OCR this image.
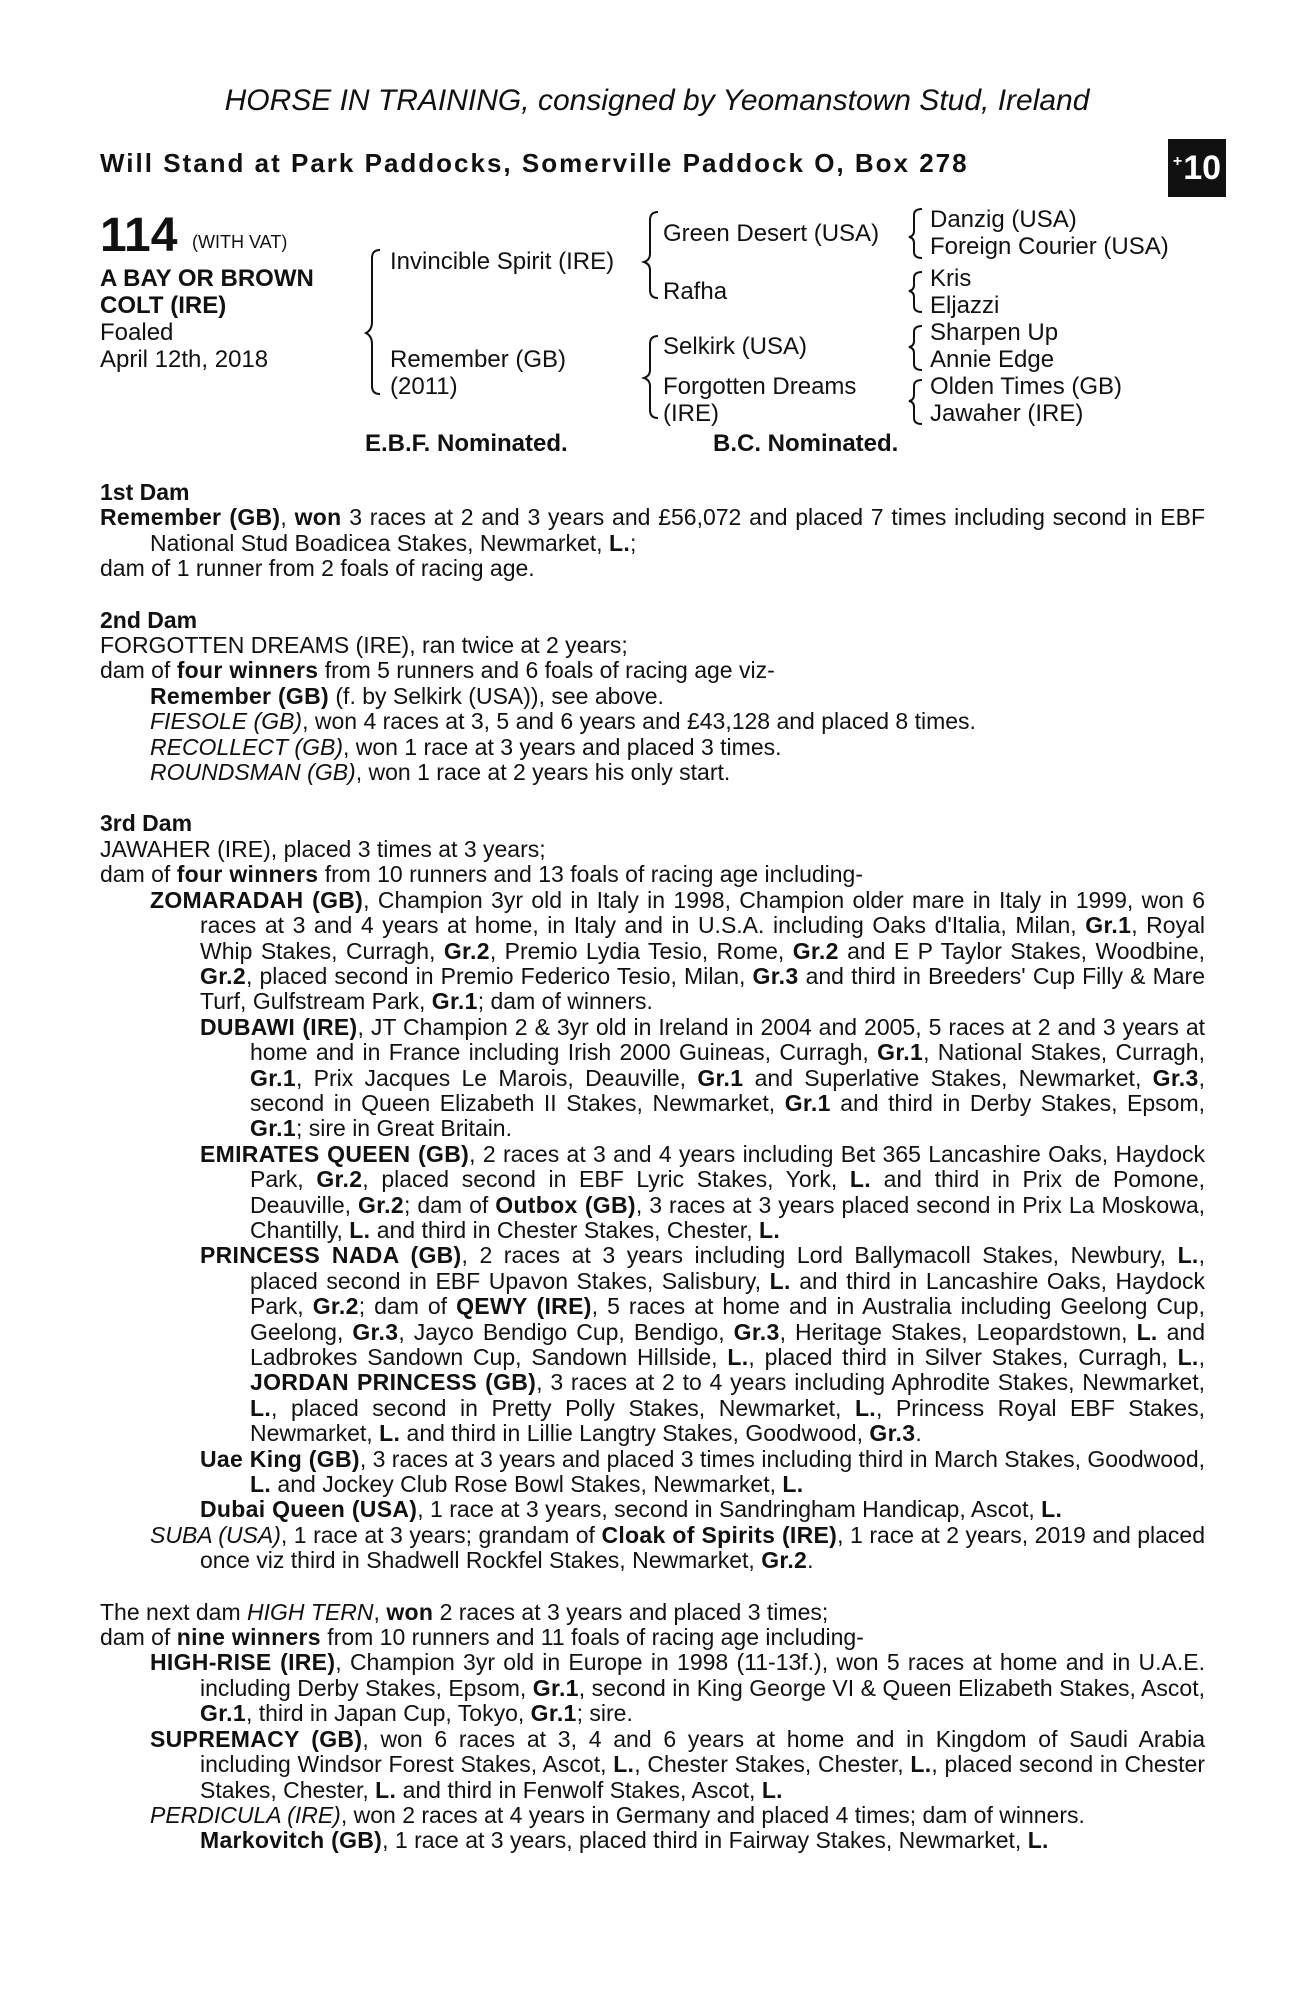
HORSE IN TRAINING, consigned by Yeomanstown Stud, Ireland
Will Stand at Park Paddocks, Somerville Paddock O, Box 278	+ 10
114 (WITH VAT)
A BAY OR BROWN
COLT (IRE)
Foaled
April 12th, 2018
Invincible Spirit (IRE)
Remember (GB)
(2011)
Green Desert (USA)
Rafha
Selkirk (USA)
Forgotten Dreams
(IRE)
Danzig (USA)
Foreign Courier (USA)
Kris
Eljazzi
Sharpen Up
Annie Edge
Olden Times (GB)
Jawaher (IRE)
E.B.F. Nominated.	B.C. Nominated.

1st Dam

Remember (GB), won 3 races at 2 and 3 years and £56,072 and placed 7 times including second in EBF National Stud Boadicea Stakes, Newmarket, L.;

dam of 1 runner from 2 foals of racing age.

2nd Dam

FORGOTTEN DREAMS (IRE), ran twice at 2 years;

dam of four winners from 5 runners and 6 foals of racing age viz-

Remember (GB) (f. by Selkirk (USA)), see above.

FIESOLE (GB), won 4 races at 3, 5 and 6 years and £43,128 and placed 8 times.

RECOLLECT (GB), won 1 race at 3 years and placed 3 times.

ROUNDSMAN (GB), won 1 race at 2 years his only start.

3rd Dam

JAWAHER (IRE), placed 3 times at 3 years;

dam of four winners from 10 runners and 13 foals of racing age including-

ZOMARADAH (GB), Champion 3yr old in Italy in 1998, Champion older mare in Italy in 1999, won 6 races at 3 and 4 years at home, in Italy and in U.S.A. including Oaks d'Italia, Milan, Gr.1, Royal Whip Stakes, Curragh, Gr.2, Premio Lydia Tesio, Rome, Gr.2 and E P Taylor Stakes, Woodbine, Gr.2, placed second in Premio Federico Tesio, Milan, Gr.3 and third in Breeders' Cup Filly & Mare Turf, Gulfstream Park, Gr.1; dam of winners.

DUBAWI (IRE), JT Champion 2 & 3yr old in Ireland in 2004 and 2005, 5 races at 2 and 3 years at home and in France including Irish 2000 Guineas, Curragh, Gr.1, National Stakes, Curragh, Gr.1, Prix Jacques Le Marois, Deauville, Gr.1 and Superlative Stakes, Newmarket, Gr.3, second in Queen Elizabeth II Stakes, Newmarket, Gr.1 and third in Derby Stakes, Epsom, Gr.1; sire in Great Britain.

EMIRATES QUEEN (GB), 2 races at 3 and 4 years including Bet 365 Lancashire Oaks, Haydock Park, Gr.2, placed second in EBF Lyric Stakes, York, L. and third in Prix de Pomone, Deauville, Gr.2; dam of Outbox (GB), 3 races at 3 years placed second in Prix La Moskowa, Chantilly, L. and third in Chester Stakes, Chester, L.

PRINCESS NADA (GB), 2 races at 3 years including Lord Ballymacoll Stakes, Newbury, L., placed second in EBF Upavon Stakes, Salisbury, L. and third in Lancashire Oaks, Haydock Park, Gr.2; dam of QEWY (IRE), 5 races at home and in Australia including Geelong Cup, Geelong, Gr.3, Jayco Bendigo Cup, Bendigo, Gr.3, Heritage Stakes, Leopardstown, L. and Ladbrokes Sandown Cup, Sandown Hillside, L., placed third in Silver Stakes, Curragh, L., JORDAN PRINCESS (GB), 3 races at 2 to 4 years including Aphrodite Stakes, Newmarket, L., placed second in Pretty Polly Stakes, Newmarket, L., Princess Royal EBF Stakes, Newmarket, L. and third in Lillie Langtry Stakes, Goodwood, Gr.3.

Uae King (GB), 3 races at 3 years and placed 3 times including third in March Stakes, Goodwood, L. and Jockey Club Rose Bowl Stakes, Newmarket, L.

Dubai Queen (USA), 1 race at 3 years, second in Sandringham Handicap, Ascot, L.

SUBA (USA), 1 race at 3 years; grandam of Cloak of Spirits (IRE), 1 race at 2 years, 2019 and placed once viz third in Shadwell Rockfel Stakes, Newmarket, Gr.2.

The next dam HIGH TERN, won 2 races at 3 years and placed 3 times;

dam of nine winners from 10 runners and 11 foals of racing age including-

HIGH-RISE (IRE), Champion 3yr old in Europe in 1998 (11-13f.), won 5 races at home and in U.A.E. including Derby Stakes, Epsom, Gr.1, second in King George VI & Queen Elizabeth Stakes, Ascot, Gr.1, third in Japan Cup, Tokyo, Gr.1; sire.

SUPREMACY (GB), won 6 races at 3, 4 and 6 years at home and in Kingdom of Saudi Arabia including Windsor Forest Stakes, Ascot, L., Chester Stakes, Chester, L., placed second in Chester Stakes, Chester, L. and third in Fenwolf Stakes, Ascot, L.

PERDICULA (IRE), won 2 races at 4 years in Germany and placed 4 times; dam of winners.

Markovitch (GB), 1 race at 3 years, placed third in Fairway Stakes, Newmarket, L.
